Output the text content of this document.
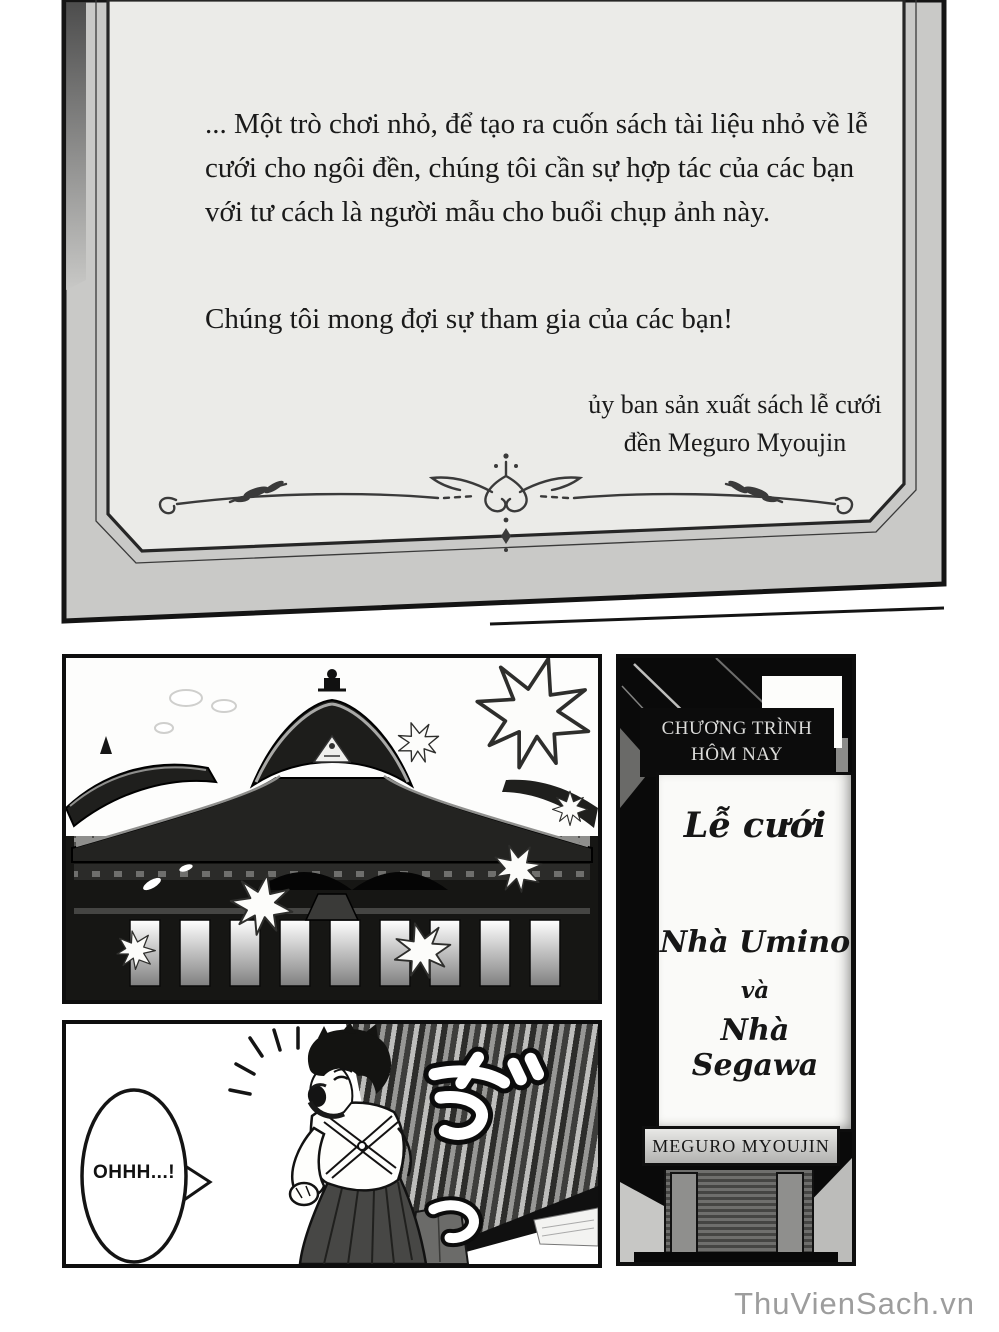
... Một trò chơi nhỏ, để tạo ra cuốn sách tài liệu nhỏ về lễ cưới cho ngôi đền, chúng tôi cần sự hợp tác của các bạn với tư cách là người mẫu cho buổi chụp ảnh này.
Chúng tôi mong đợi sự tham gia của các bạn!
ủy ban sản xuất sách lễ cưới
đền Meguro Myoujin
CHƯƠNG TRÌNH
HÔM NAY
Lễ cưới
Nhà Umino
và
Nhà Segawa
MEGURO MYOUJIN
OHHH...!
ThuVienSach.vn
